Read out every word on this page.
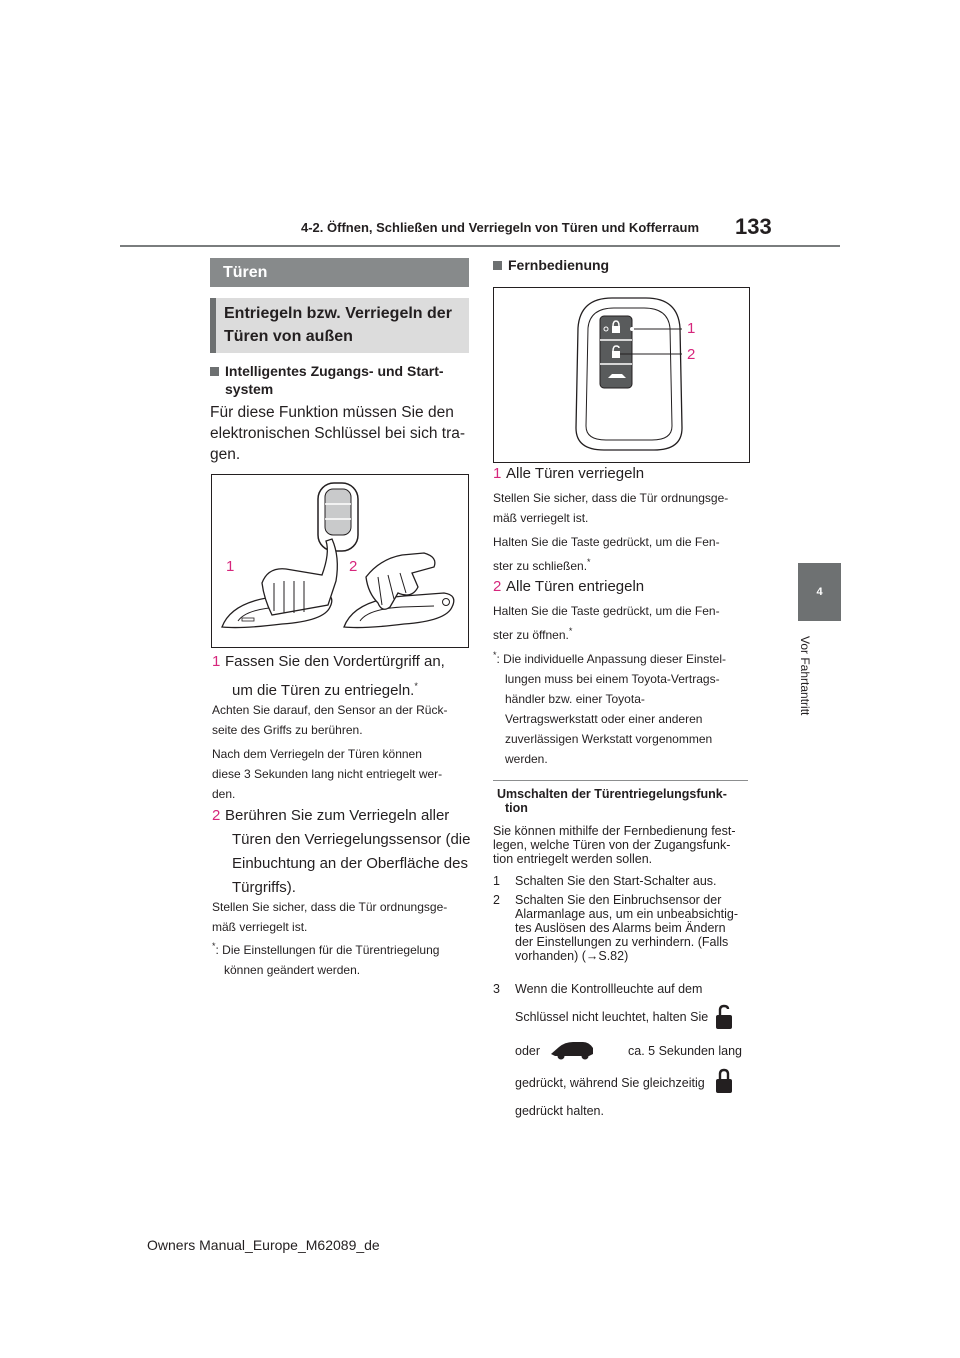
4-2. Öffnen, Schließen und Verriegeln von Türen und Kofferraum 133
4
Vor Fahrtantritt
Türen
Entriegeln bzw. Verriegeln der
Türen von außen
Intelligentes Zugangs- und Start-
system
Für diese Funktion müssen Sie den
elektronischen Schlüssel bei sich tra-
gen.
1	2
1 Fassen Sie den Vordertürgriff an,
um die Türen zu entriegeln.*
Achten Sie darauf, den Sensor an der Rück-
seite des Griffs zu berühren.
Nach dem Verriegeln der Türen können
diese 3 Sekunden lang nicht entriegelt wer-
den.
2 Berühren Sie zum Verriegeln aller
Türen den Verriegelungssensor (die
Einbuchtung an der Oberfläche des
Türgriffs).
Stellen Sie sicher, dass die Tür ordnungsge-
mäß verriegelt ist.
*: Die Einstellungen für die Türentriegelung
können geändert werden.
Fernbedienung
1
2
1 Alle Türen verriegeln
Stellen Sie sicher, dass die Tür ordnungsge-
mäß verriegelt ist.
Halten Sie die Taste gedrückt, um die Fen-
ster zu schließen.*
2 Alle Türen entriegeln
Halten Sie die Taste gedrückt, um die Fen-
ster zu öffnen.*
*: Die individuelle Anpassung dieser Einstel-
lungen muss bei einem Toyota-Vertrags-
händler bzw. einer Toyota-
Vertragswerkstatt oder einer anderen
zuverlässigen Werkstatt vorgenommen
werden.
Umschalten der Türentriegelungsfunk-
tion
Sie können mithilfe der Fernbedienung fest-
legen, welche Türen von der Zugangsfunk-
tion entriegelt werden sollen.
1 Schalten Sie den Start-Schalter aus.
2 Schalten Sie den Einbruchsensor der
Alarmanlage aus, um ein unbeabsichtig-
tes Auslösen des Alarms beim Ändern
der Einstellungen zu verhindern. (Falls
vorhanden) (→S.82)
3 Wenn die Kontrollleuchte auf dem
Schlüssel nicht leuchtet, halten Sie
oder	ca. 5 Sekunden lang
gedrückt, während Sie gleichzeitig
gedrückt halten.
Owners Manual_Europe_M62089_de
